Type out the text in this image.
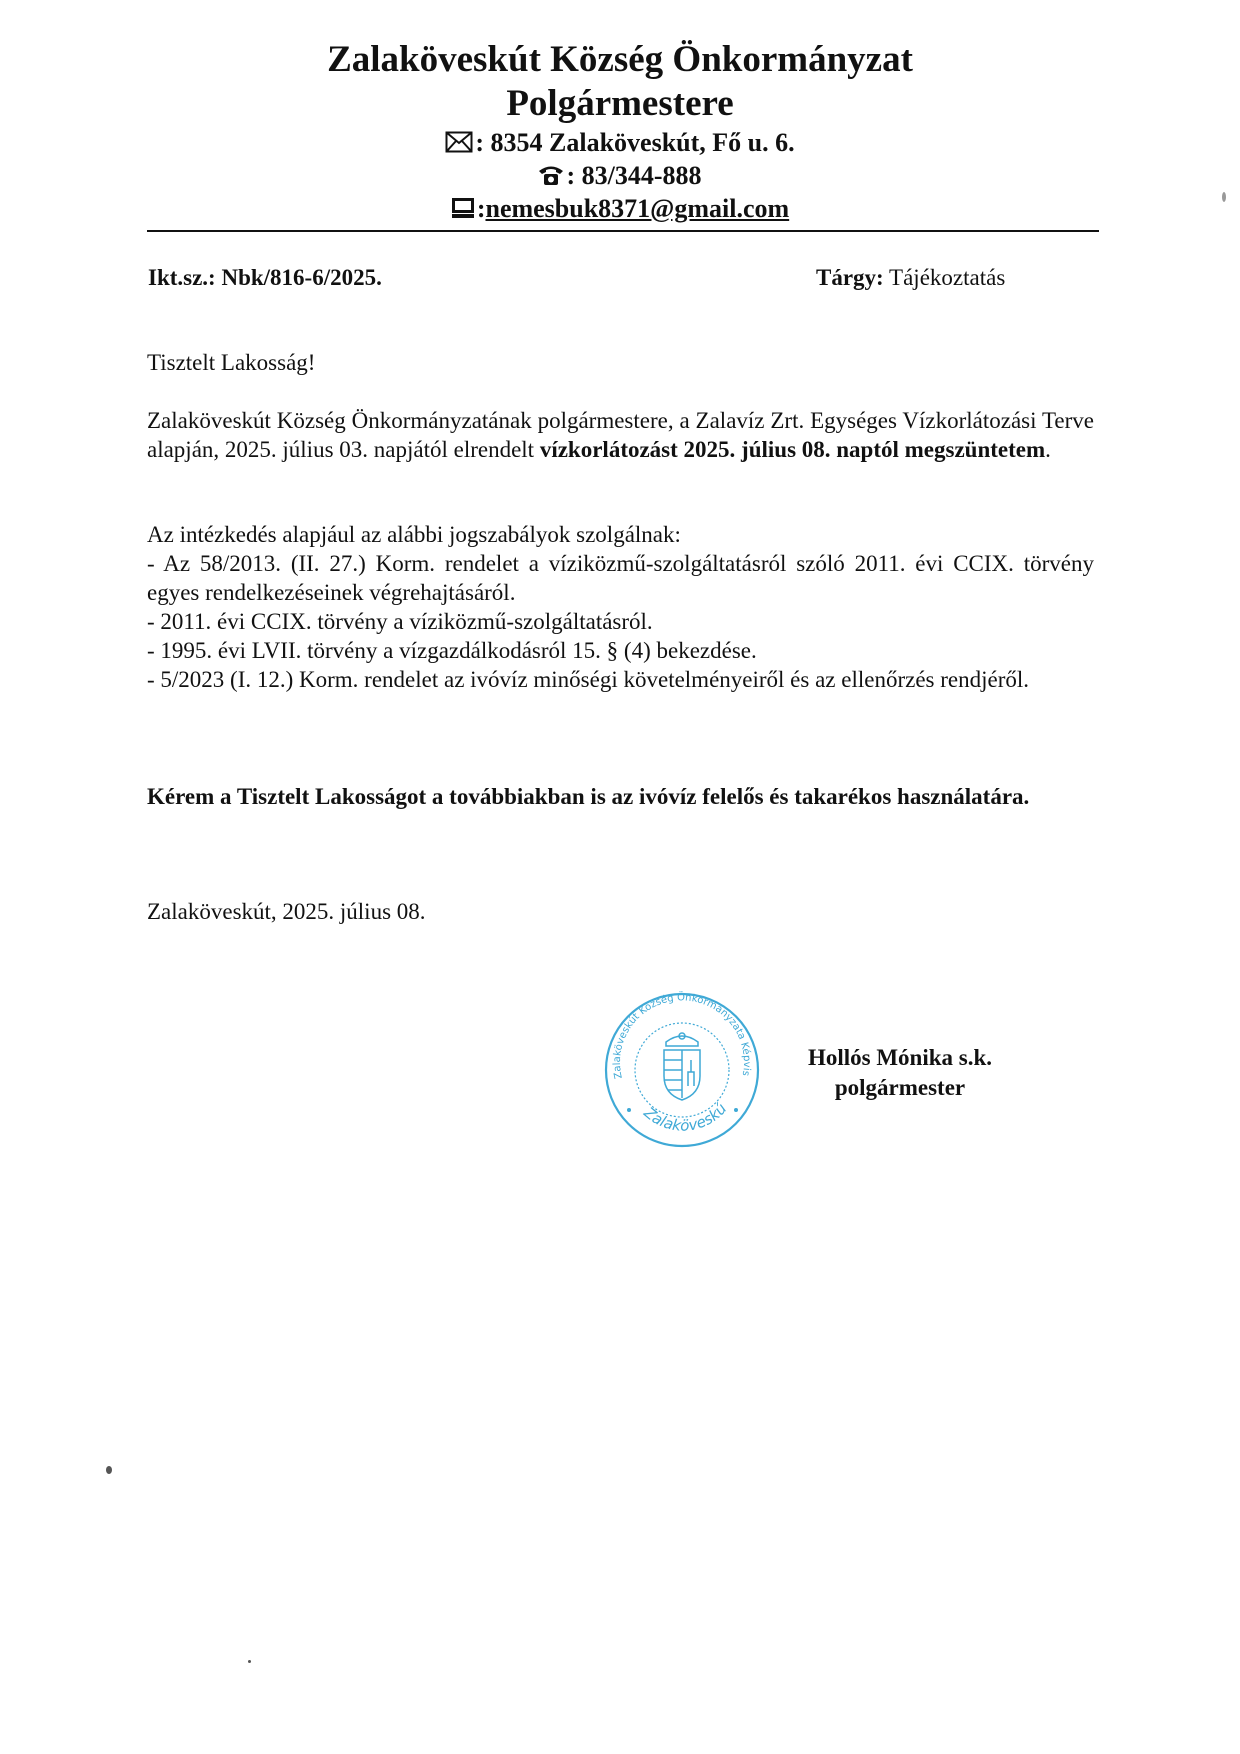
Zalaköveskút Község Önkormányzat
Polgármestere
: 8354 Zalaköveskút, Fő u. 6.
: 83/344-888
:nemesbuk8371@gmail.com
Ikt.sz.: Nbk/816-6/2025.	Tárgy: Tájékoztatás
Tisztelt Lakosság!
Zalaköveskút Község Önkormányzatának polgármestere, a Zalavíz Zrt. Egységes Vízkorlátozási Terve alapján, 2025. július 03. napjától elrendelt vízkorlátozást 2025. július 08. naptól megszüntetem.
Az intézkedés alapjául az alábbi jogszabályok szolgálnak:
- Az 58/2013. (II. 27.) Korm. rendelet a víziközmű-szolgáltatásról szóló 2011. évi CCIX. törvény egyes rendelkezéseinek végrehajtásáról.
- 2011. évi CCIX. törvény a víziközmű-szolgáltatásról.
- 1995. évi LVII. törvény a vízgazdálkodásról 15. § (4) bekezdése.
- 5/2023 (I. 12.) Korm. rendelet az ivóvíz minőségi követelményeiről és az ellenőrzés rendjéről.
Kérem a Tisztelt Lakosságot a továbbiakban is az ivóvíz felelős és takarékos használatára.
Zalaköveskút, 2025. július 08.
Zalaköveskút Község Önkormányzata Képvis
Zalaköveskú
Hollós Mónika s.k.
polgármester
